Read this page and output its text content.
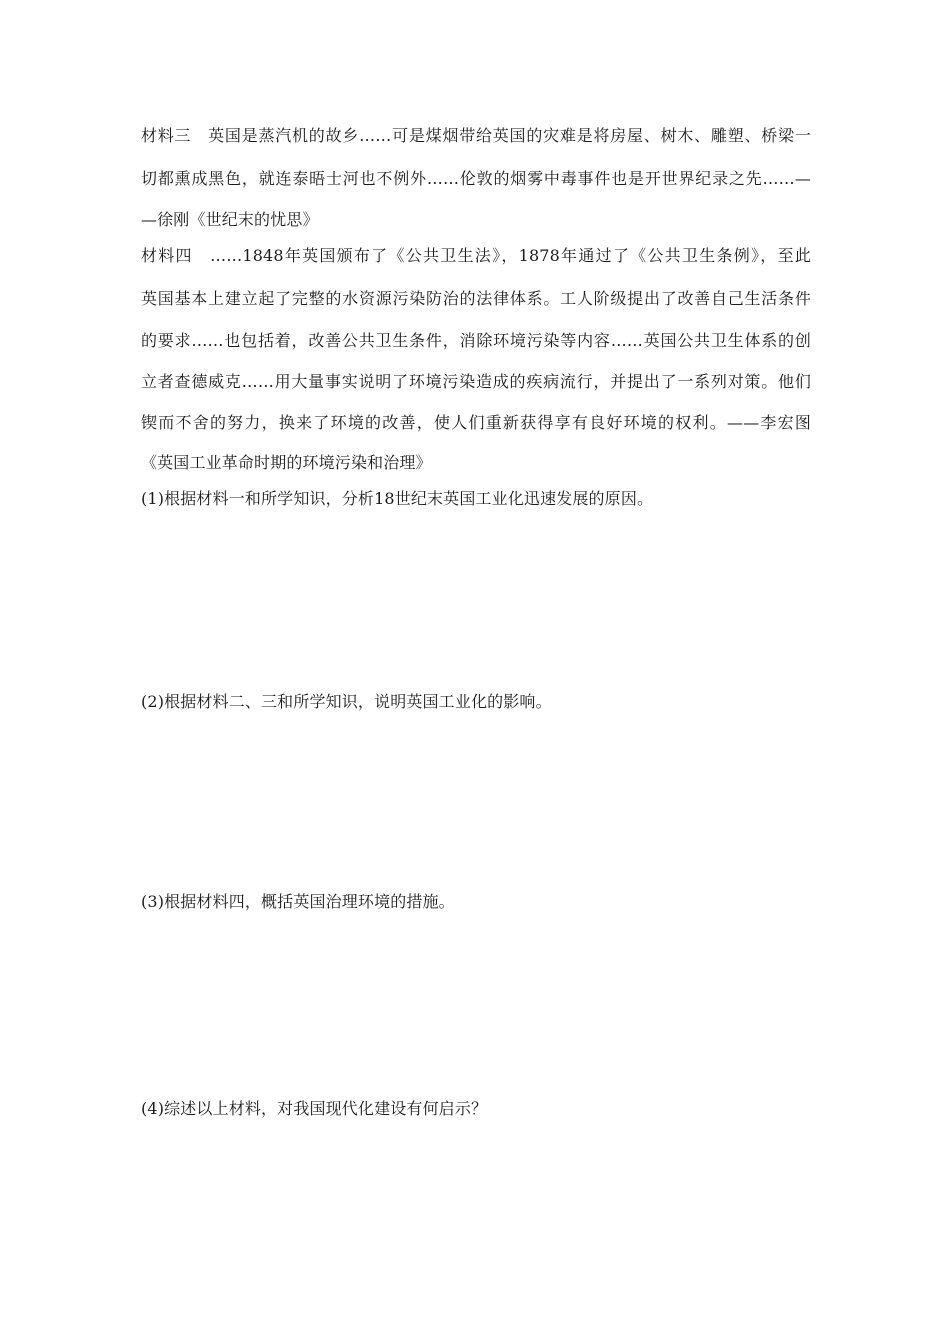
材料三　英国是蒸汽机的故乡……可是煤烟带给英国的灾难是将房屋、树木、雕塑、桥梁一
切都熏成黑色，就连泰晤士河也不例外……伦敦的烟雾中毒事件也是开世界纪录之先……—
—徐刚《世纪末的忧思》
材料四　……1848年英国颁布了《公共卫生法》，1878年通过了《公共卫生条例》，至此
英国基本上建立起了完整的水资源污染防治的法律体系。工人阶级提出了改善自己生活条件
的要求……也包括着，改善公共卫生条件，消除环境污染等内容……英国公共卫生体系的创
立者查德威克……用大量事实说明了环境污染造成的疾病流行，并提出了一系列对策。他们
锲而不舍的努力，换来了环境的改善，使人们重新获得享有良好环境的权利。——李宏图
《英国工业革命时期的环境污染和治理》
(1)根据材料一和所学知识，分析18世纪末英国工业化迅速发展的原因。
(2)根据材料二、三和所学知识，说明英国工业化的影响。
(3)根据材料四，概括英国治理环境的措施。
(4)综述以上材料，对我国现代化建设有何启示？
